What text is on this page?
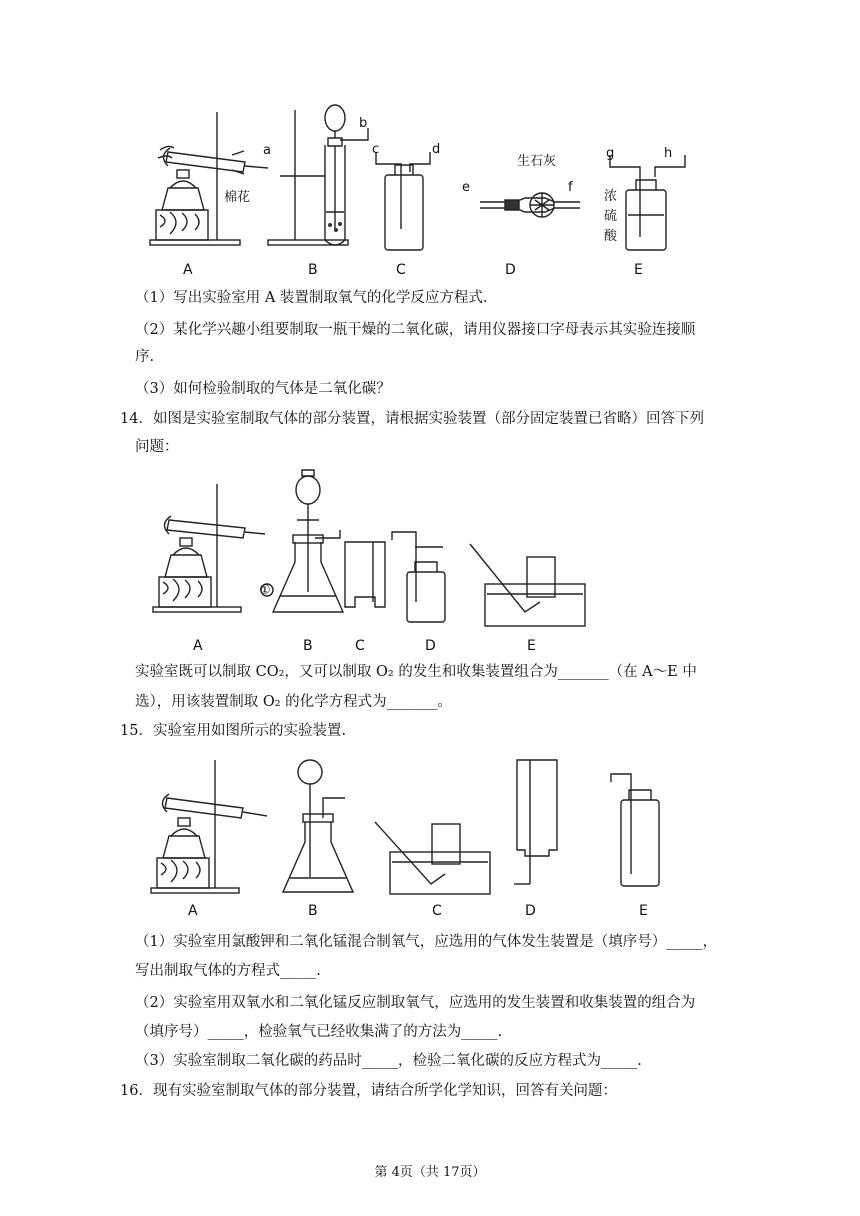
A	B	C	D	E
棉花
生石灰
浓
硫
酸
a
b
c	d
e	f
g	h
（1）写出实验室用 A 装置制取氧气的化学反应方程式.
（2）某化学兴趣小组要制取一瓶干燥的二氧化碳，请用仪器接口字母表示其实验连接顺
序.
（3）如何检验制取的气体是二氧化碳？
14．如图是实验室制取气体的部分装置，请根据实验装置（部分固定装置已省略）回答下列
问题：
A	B	C	D	E
①
实验室既可以制取 CO₂，又可以制取 O₂ 的发生和收集装置组合为_______（在 A～E 中
选），用该装置制取 O₂ 的化学方程式为_______。
15．实验室用如图所示的实验装置.
A	B	C	D	E
（1）实验室用氯酸钾和二氧化锰混合制氧气，应选用的气体发生装置是（填序号）_____，
写出制取气体的方程式_____.
（2）实验室用双氧水和二氧化锰反应制取氧气，应选用的发生装置和收集装置的组合为
（填序号）_____，检验氧气已经收集满了的方法为_____.
（3）实验室制取二氧化碳的药品时_____，检验二氧化碳的反应方程式为_____.
16．现有实验室制取气体的部分装置，请结合所学化学知识，回答有关问题：
第 4页（共 17页）
